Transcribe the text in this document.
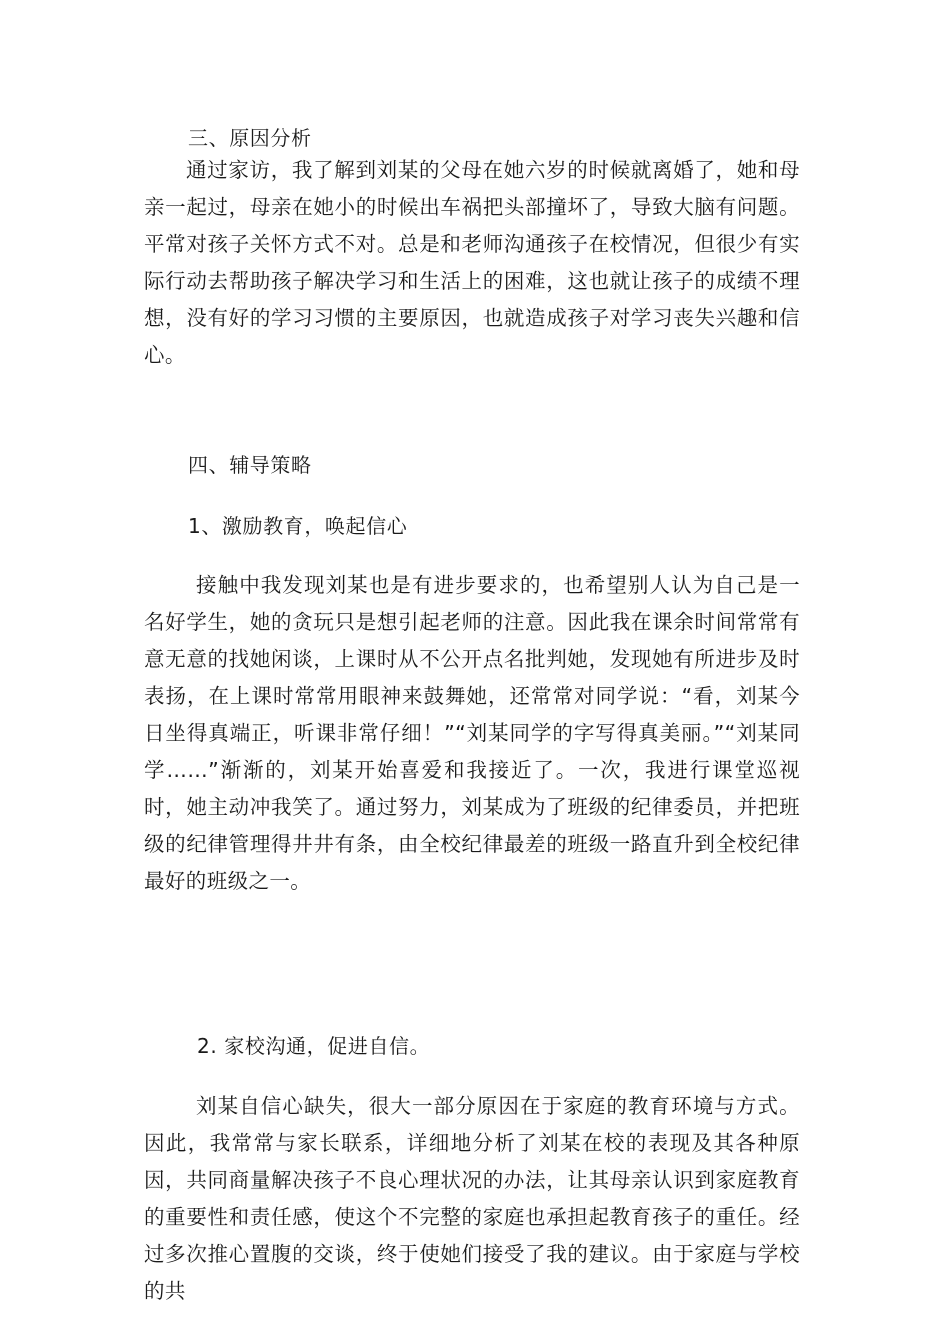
三、原因分析

通过家访，我了解到刘某的父母在她六岁的时候就离婚了，她和母亲一起过，母亲在她小的时候出车祸把头部撞坏了，导致大脑有问题。平常对孩子关怀方式不对。总是和老师沟通孩子在校情况，但很少有实际行动去帮助孩子解决学习和生活上的困难，这也就让孩子的成绩不理想，没有好的学习习惯的主要原因，也就造成孩子对学习丧失兴趣和信心。

四、辅导策略

1、激励教育，唤起信心

接触中我发现刘某也是有进步要求的，也希望别人认为自己是一名好学生，她的贪玩只是想引起老师的注意。因此我在课余时间常常有意无意的找她闲谈，上课时从不公开点名批判她，发现她有所进步及时表扬，在上课时常常用眼神来鼓舞她，还常常对同学说：“看，刘某今日坐得真端正，听课非常仔细！”“刘某同学的字写得真美丽。”“刘某同学……”渐渐的，刘某开始喜爱和我接近了。一次，我进行课堂巡视时，她主动冲我笑了。通过努力，刘某成为了班级的纪律委员，并把班级的纪律管理得井井有条，由全校纪律最差的班级一路直升到全校纪律最好的班级之一。

2. 家校沟通，促进自信。

刘某自信心缺失，很大一部分原因在于家庭的教育环境与方式。因此，我常常与家长联系，详细地分析了刘某在校的表现及其各种原因，共同商量解决孩子不良心理状况的办法，让其母亲认识到家庭教育的重要性和责任感，使这个不完整的家庭也承担起教育孩子的重任。经过多次推心置腹的交谈，终于使她们接受了我的建议。由于家庭与学校的共
